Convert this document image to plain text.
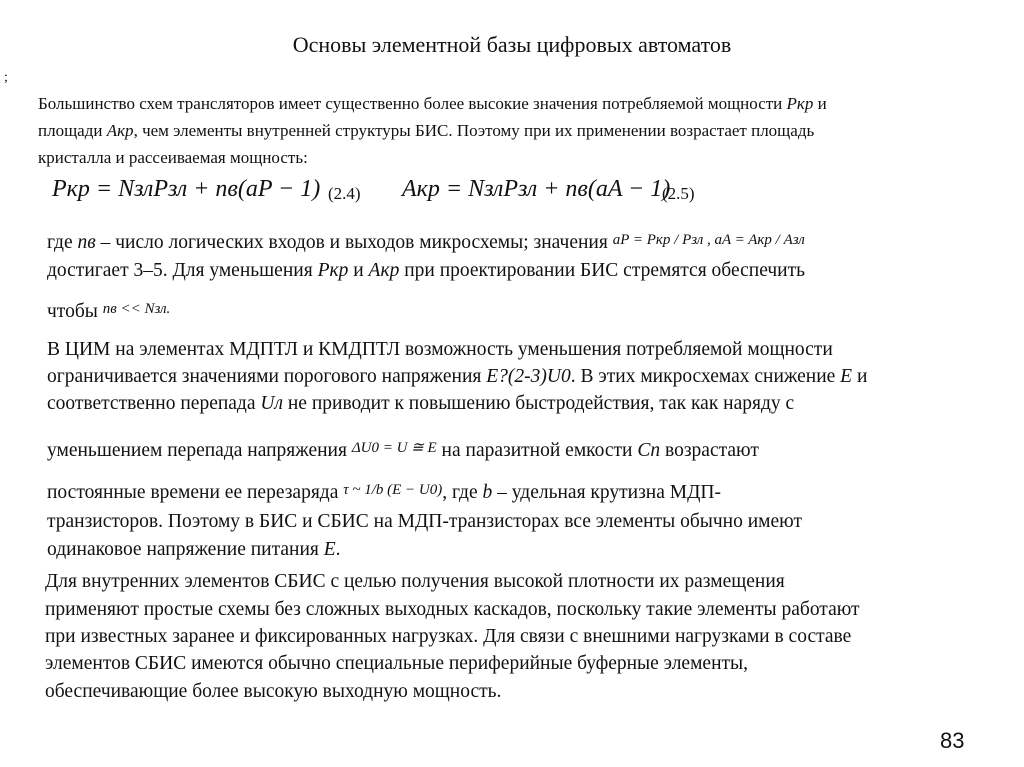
Основы элементной базы цифровых автоматов
;
Большинство схем трансляторов имеет существенно более высокие значения потребляемой мощности Pкр и
площади Aкр, чем элементы внутренней структуры БИС. Поэтому при их применении возрастает площадь
кристалла и рассеиваемая мощность:
Pкр = NзлPзл + nв(aP − 1) (2.4) Aкр = NзлPзл + nв(aA − 1)
(2.5)
где nв – число логических входов и выходов микросхемы; значения $^{aP = Pкр / Pзл , aA = Aкр / Aзл}$
достигает 3–5. Для уменьшения Pкр и Aкр при проектировании БИС стремятся обеспечить
чтобы $^{nв << Nзл.}$
В ЦИМ на элементах МДПТЛ и КМДПТЛ возможность уменьшения потребляемой мощности
ограничивается значениями порогового напряжения E?(2-3)U0. В этих микросхемах снижение E и
соответственно перепада Uл не приводит к повышению быстродействия, так как наряду с
уменьшением перепада напряжения $^{\Delta U0 = U ≅ E}$ на паразитной емкости Cп возрастают
постоянные времени ее перезаряда $^{\tau \sim 1/b (E - U0)}$, где b – удельная крутизна МДП-
транзисторов. Поэтому в БИС и СБИС на МДП-транзисторах все элементы обычно имеют
одинаковое напряжение питания E.
Для внутренних элементов СБИС с целью получения высокой плотности их размещения
применяют простые схемы без сложных выходных каскадов, поскольку такие элементы работают
при известных заранее и фиксированных нагрузках. Для связи с внешними нагрузками в составе
элементов СБИС имеются обычно специальные периферийные буферные элементы,
обеспечивающие более высокую выходную мощность.
83
